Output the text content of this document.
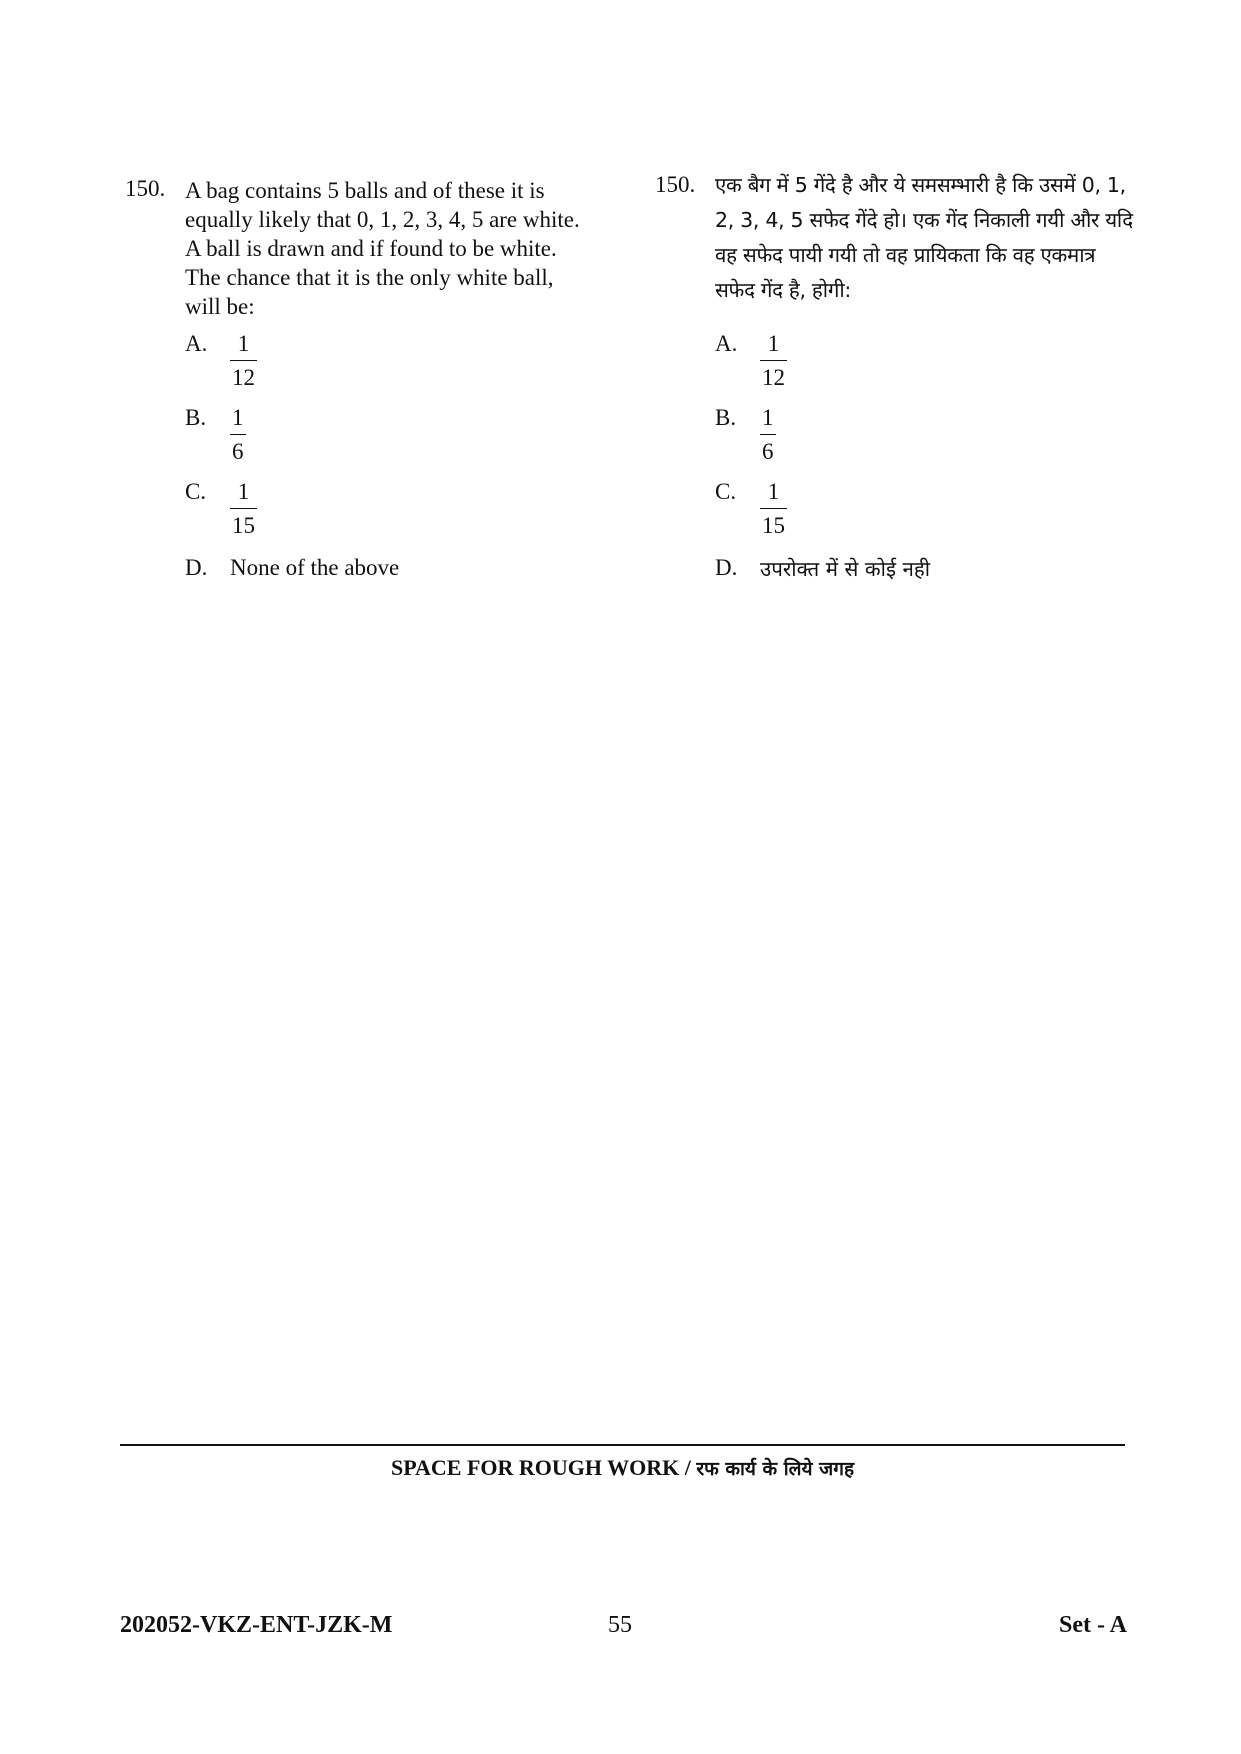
150. A bag contains 5 balls and of these it is equally likely that 0, 1, 2, 3, 4, 5 are white. A ball is drawn and if found to be white. The chance that it is the only white ball, will be:
A.	1
12
B. 1
6
C.	1
15
D. None of the above
150. एक बैग में 5 गेंदे है और ये समसम्भारी है कि उसमें 0, 1, 2, 3, 4, 5 सफेद गेंदे हो। एक गेंद निकाली गयी और यदि वह सफेद पायी गयी तो वह प्रायिकता कि वह एकमात्र सफेद गेंद है, होगी:
A.	1
12
B. 1
6
C.	1
15
D. उपरोक्त में से कोई नही
SPACE FOR ROUGH WORK / रफ कार्य के लिये जगह
202052-VKZ-ENT-JZK-M	55	Set - A
